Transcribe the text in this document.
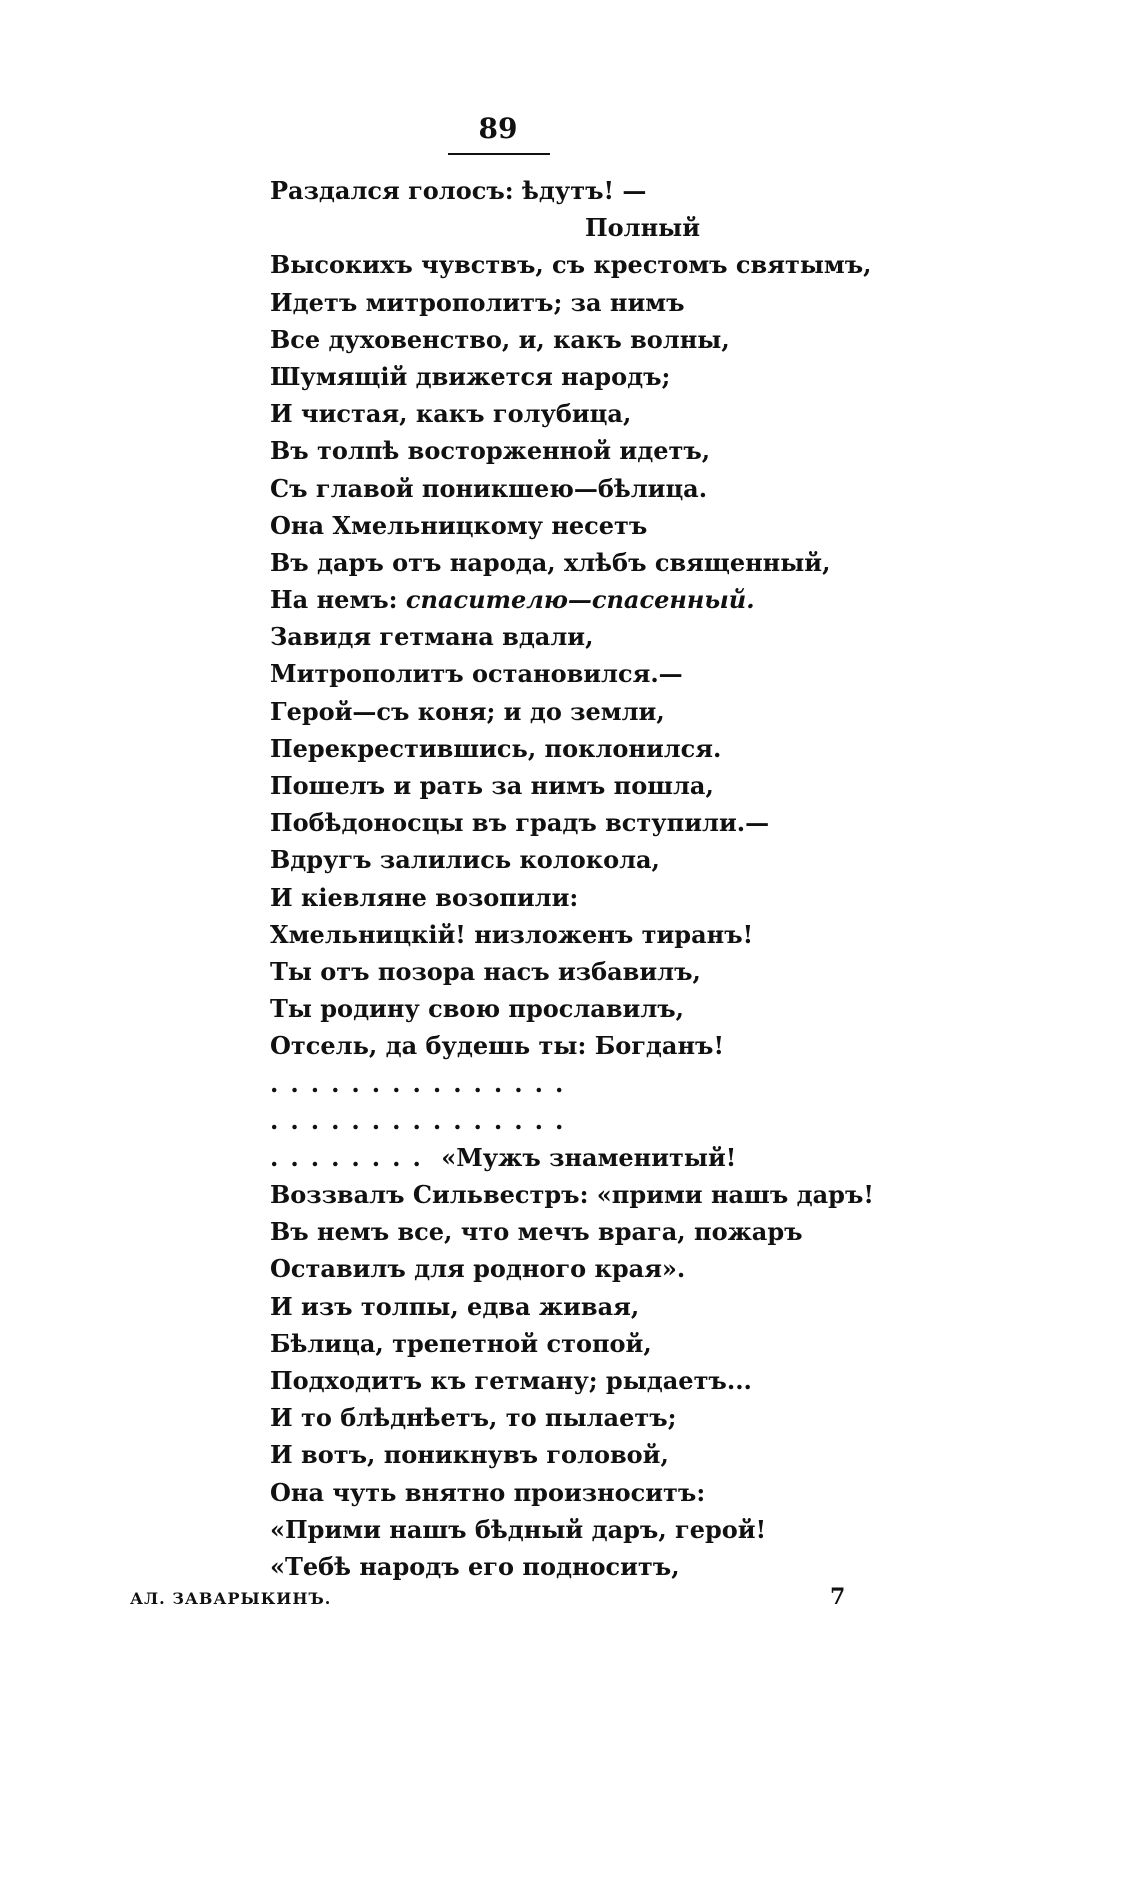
89
Раздался голосъ: ѣдутъ! —
Полный
Высокихъ чувствъ, съ крестомъ святымъ,
Идетъ митрополитъ; за нимъ
Все духовенство, и, какъ волны,
Шумящій движется народъ;
И чистая, какъ голубица,
Въ толпѣ восторженной идетъ,
Съ главой поникшею—бѣлица.
Она Хмельницкому несетъ
Въ даръ отъ народа, хлѣбъ священный,
На немъ: спасителю—спасенный.
Завидя гетмана вдали,
Митрополитъ остановился.—
Герой—съ коня; и до земли,
Перекрестившись, поклонился.
Пошелъ и рать за нимъ пошла,
Побѣдоносцы въ градъ вступили.—
Вдругъ залились колокола,
И кіевляне возопили:
Хмельницкій! низложенъ тиранъ!
Ты отъ позора насъ избавилъ,
Ты родину свою прославилъ,
Отсель, да будешь ты: Богданъ!
...............
...............
........ «Мужъ знаменитый!
Воззвалъ Сильвестръ: «прими нашъ даръ!
Въ немъ все, что мечъ врага, пожаръ
Оставилъ для родного края».
И изъ толпы, едва живая,
Бѣлица, трепетной стопой,
Подходитъ къ гетману; рыдаетъ...
И то блѣднѣетъ, то пылаетъ;
И вотъ, поникнувъ головой,
Она чуть внятно произноситъ:
«Прими нашъ бѣдный даръ, герой!
«Тебѣ народъ его подноситъ,
АЛ. ЗАВАРЫКИНЪ.	7
